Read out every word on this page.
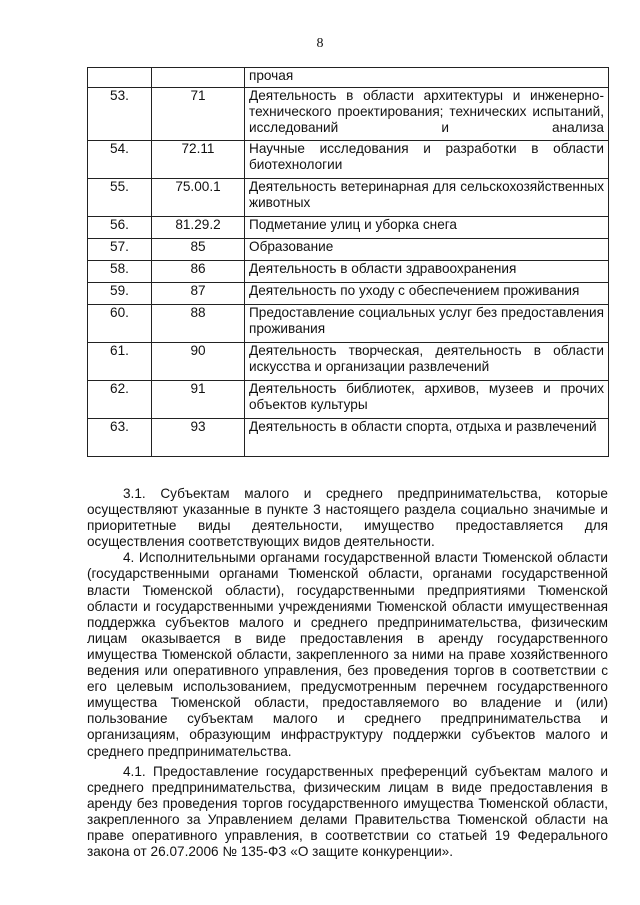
8
		прочая
53.	71	Деятельность в области архитектуры и инженерно-технического проектирования; технических испытаний, исследований и анализа
54.	72.11	Научные исследования и разработки в области биотехнологии
55.	75.00.1	Деятельность ветеринарная для сельскохозяйственных животных
56.	81.29.2	Подметание улиц и уборка снега
57.	85	Образование
58.	86	Деятельность в области здравоохранения
59.	87	Деятельность по уходу с обеспечением проживания
60.	88	Предоставление социальных услуг без предоставления проживания
61.	90	Деятельность творческая, деятельность в области искусства и организации развлечений
62.	91	Деятельность библиотек, архивов, музеев и прочих объектов культуры
63.	93	Деятельность в области спорта, отдыха и развлечений

3.1. Субъектам малого и среднего предпринимательства, которые осуществляют указанные в пункте 3 настоящего раздела социально значимые и приоритетные виды деятельности, имущество предоставляется для осуществления соответствующих видов деятельности.

4. Исполнительными органами государственной власти Тюменской области (государственными органами Тюменской области, органами государственной власти Тюменской области), государственными предприятиями Тюменской области и государственными учреждениями Тюменской области имущественная поддержка субъектов малого и среднего предпринимательства, физическим лицам оказывается в виде предоставления в аренду государственного имущества Тюменской области, закрепленного за ними на праве хозяйственного ведения или оперативного управления, без проведения торгов в соответствии с его целевым использованием, предусмотренным перечнем государственного имущества Тюменской области, предоставляемого во владение и (или) пользование субъектам малого и среднего предпринимательства и организациям, образующим инфраструктуру поддержки субъектов малого и среднего предпринимательства.

4.1. Предоставление государственных преференций субъектам малого и среднего предпринимательства, физическим лицам в виде предоставления в аренду без проведения торгов государственного имущества Тюменской области, закрепленного за Управлением делами Правительства Тюменской области на праве оперативного управления, в соответствии со статьей 19 Федерального закона от 26.07.2006 № 135-ФЗ «О защите конкуренции».
